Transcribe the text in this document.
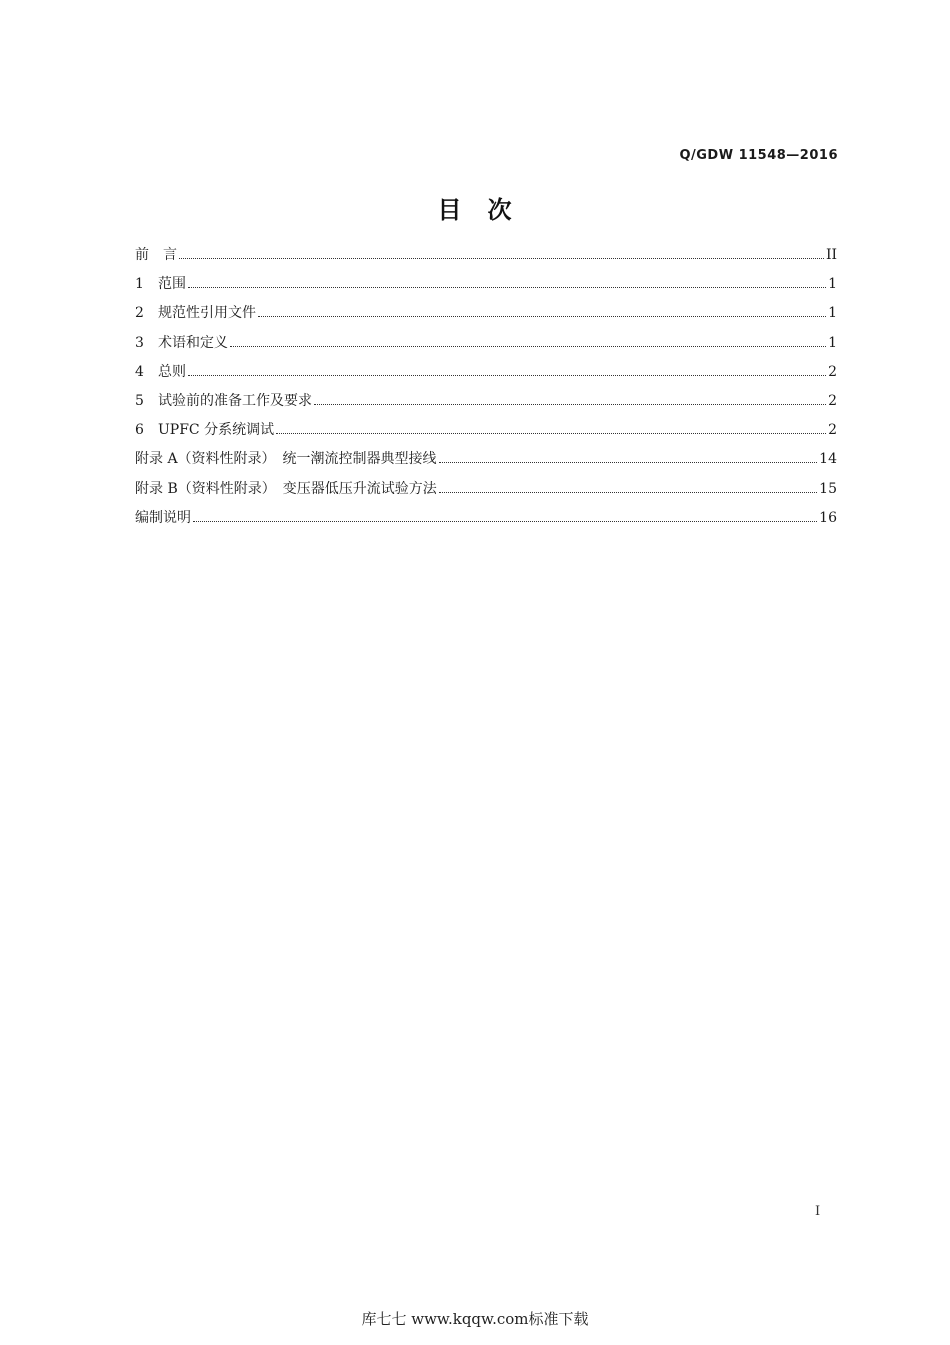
Q/GDW 11548—2016
目　次
前　言	II
1	范围	1
2	规范性引用文件	1
3	术语和定义	1
4	总则	2
5	试验前的准备工作及要求	2
6	UPFC 分系统调试	2
附录 A（资料性附录）　统一潮流控制器典型接线	14
附录 B（资料性附录）　变压器低压升流试验方法	15
编制说明	16
I
库七七 www.kqqw.com标准下载
